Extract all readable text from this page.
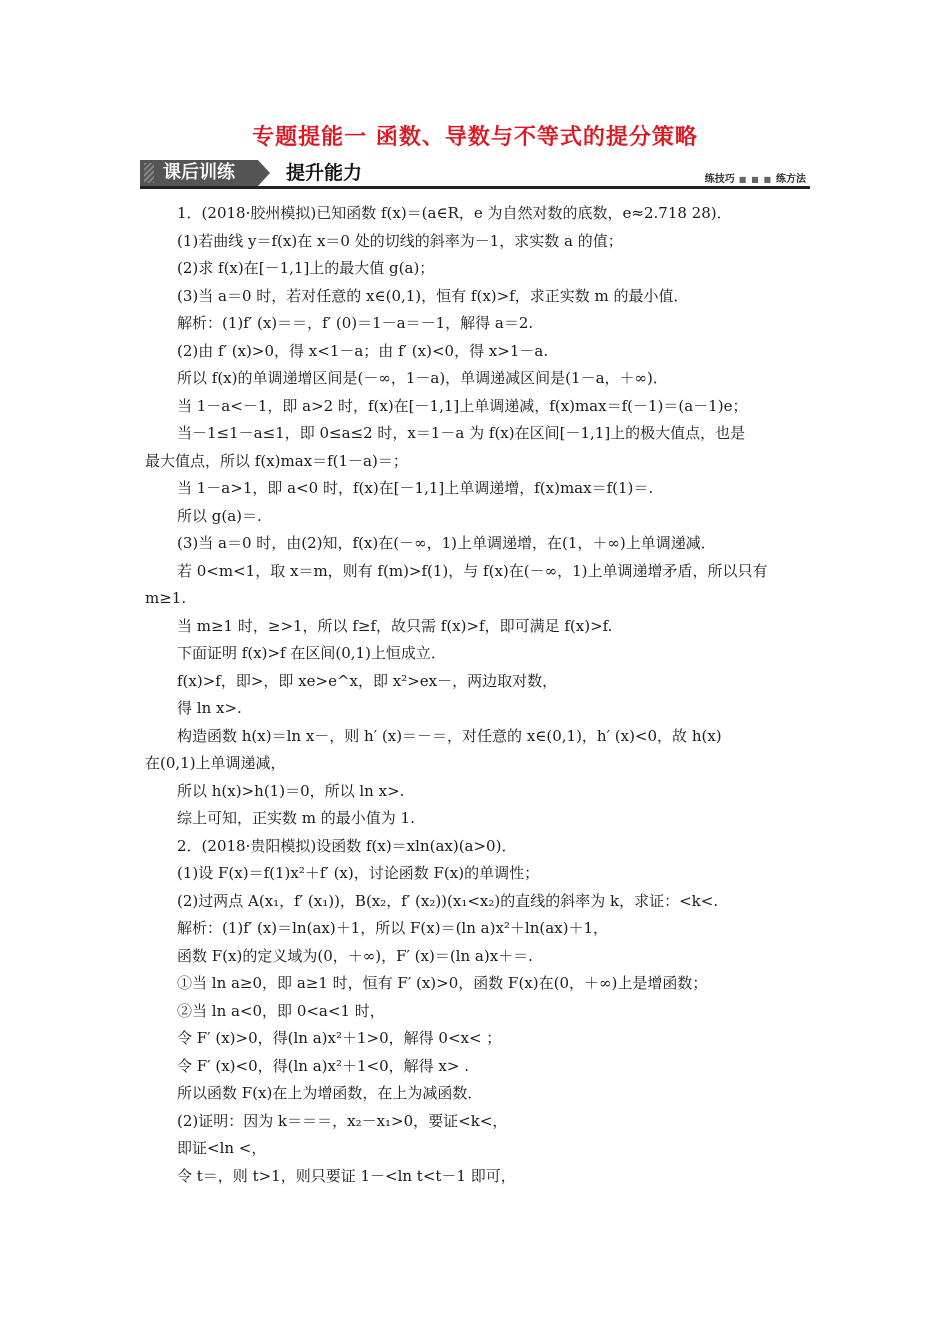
专题提能一 函数、导数与不等式的提分策略
课后训练	提升能力	练技巧 ■ ■ ■ 练方法

1．(2018·胶州模拟)已知函数 f(x)＝(a∈R，e 为自然对数的底数，e≈2.718 28)．

(1)若曲线 y＝f(x)在 x＝0 处的切线的斜率为－1，求实数 a 的值；

(2)求 f(x)在[－1,1]上的最大值 g(a)；

(3)当 a＝0 时，若对任意的 x∈(0,1)，恒有 f(x)>f，求正实数 m 的最小值．

解析：(1)f′ (x)＝＝，f′ (0)＝1－a＝－1，解得 a＝2.

(2)由 f′ (x)>0，得 x<1－a；由 f′ (x)<0，得 x>1－a.

所以 f(x)的单调递增区间是(－∞，1－a)，单调递减区间是(1－a，＋∞)．

当 1－a<－1，即 a>2 时，f(x)在[－1,1]上单调递减，f(x)max＝f(－1)＝(a－1)e；

当－1≤1－a≤1，即 0≤a≤2 时，x＝1－a 为 f(x)在区间[－1,1]上的极大值点，也是

最大值点，所以 f(x)max＝f(1－a)＝；

当 1－a>1，即 a<0 时，f(x)在[－1,1]上单调递增，f(x)max＝f(1)＝.

所以 g(a)＝.

(3)当 a＝0 时，由(2)知，f(x)在(－∞，1)上单调递增，在(1，＋∞)上单调递减．

若 0<m<1，取 x＝m，则有 f(m)>f(1)，与 f(x)在(－∞，1)上单调递增矛盾，所以只有

m≥1.

当 m≥1 时，≥>1，所以 f≥f，故只需 f(x)>f，即可满足 f(x)>f.

下面证明 f(x)>f 在区间(0,1)上恒成立．

f(x)>f，即>，即 xe>e^x，即 x²>ex－，两边取对数，

得 ln x>.

构造函数 h(x)＝ln x－，则 h′ (x)＝－＝，对任意的 x∈(0,1)，h′ (x)<0，故 h(x)

在(0,1)上单调递减，

所以 h(x)>h(1)＝0，所以 ln x>.

综上可知，正实数 m 的最小值为 1.

2．(2018·贵阳模拟)设函数 f(x)＝xln(ax)(a>0)．

(1)设 F(x)＝f(1)x²＋f′ (x)，讨论函数 F(x)的单调性；

(2)过两点 A(x₁，f′ (x₁))，B(x₂，f′ (x₂))(x₁<x₂)的直线的斜率为 k，求证：<k<.

解析：(1)f′ (x)＝ln(ax)＋1，所以 F(x)＝(ln a)x²＋ln(ax)＋1，

函数 F(x)的定义域为(0，＋∞)，F′ (x)＝(ln a)x＋＝.

①当 ln a≥0，即 a≥1 时，恒有 F′ (x)>0，函数 F(x)在(0，＋∞)上是增函数；

②当 ln a<0，即 0<a<1 时，

令 F′ (x)>0，得(ln a)x²＋1>0，解得 0<x< ；

令 F′ (x)<0，得(ln a)x²＋1<0，解得 x> .

所以函数 F(x)在上为增函数，在上为减函数．

(2)证明：因为 k＝＝＝，x₂－x₁>0，要证<k<，

即证<ln <，

令 t＝，则 t>1，则只要证 1－<ln t<t－1 即可，
